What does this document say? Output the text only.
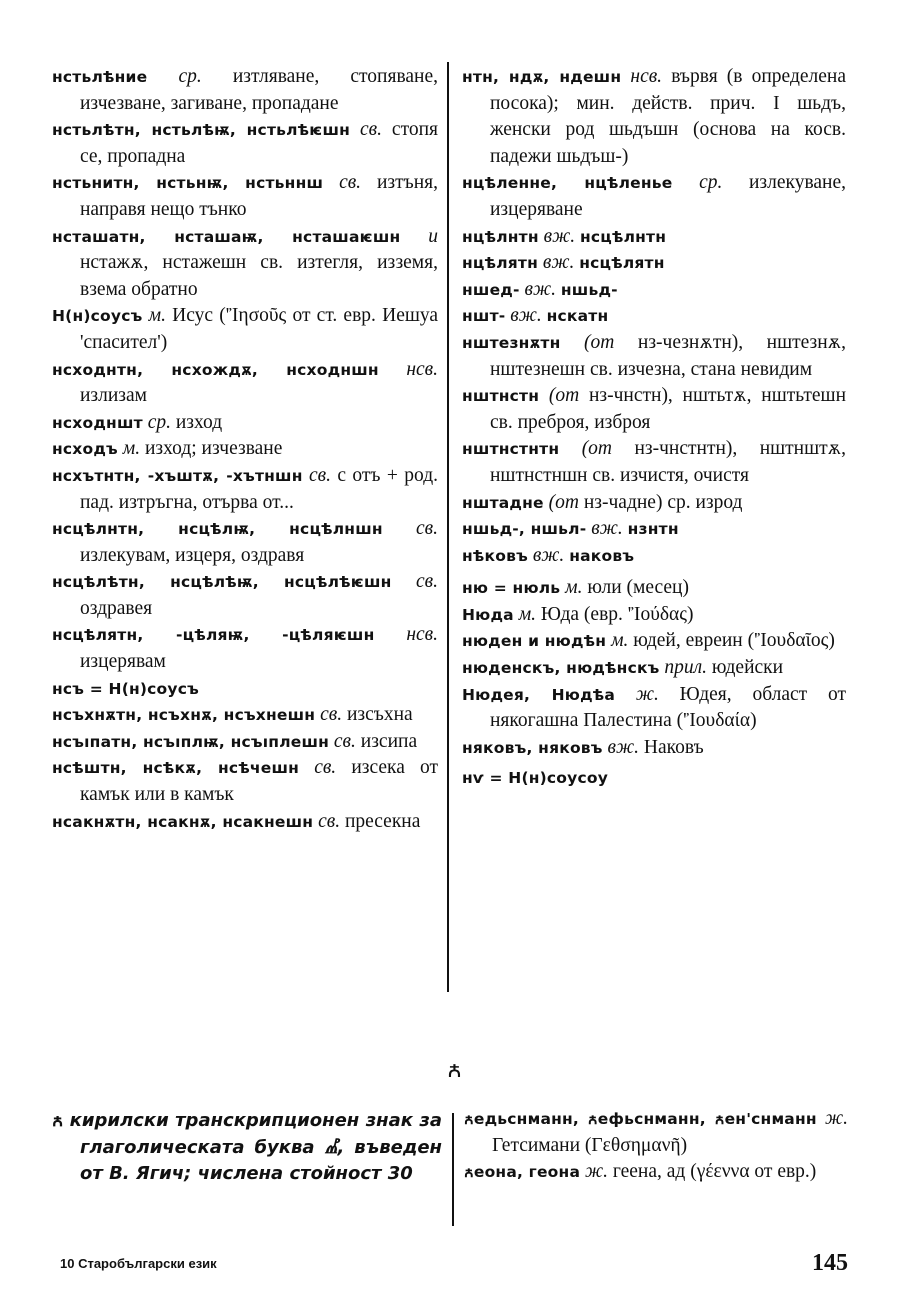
нстьлѣние ср. изтляване, стопяване, изчезване, загиване, пропадане

нстьлѣтн, нстьлѣѭ, нстьлѣѥшн св. стопя се, пропадна

нстьнитн, нстьнѭ, нстьннш св. изтъня, направя нещо тънко

нсташатн, нсташаѭ, нсташаѥшн и нстажѫ, нстажешн св. изтегля, изземя, взема обратно

Н(н)соусъ м. Исус ('Ἰησοῦς от ст. евр. Иешуа 'спасител')

нсходнтн, нсхождѫ, нсходншн нсв. излизам

нсходншт ср. изход

нсходъ м. изход; изчезване

нсхътнтн, -хъштѫ, -хътншн св. с отъ + род. пад. изтръгна, отърва от...

нсцѣлнтн, нсцѣлѭ, нсцѣлншн св. излекувам, изцеря, оздравя

нсцѣлѣтн, нсцѣлѣѭ, нсцѣлѣѥшн св. оздравея

нсцѣлятн, -цѣляѭ, -цѣляѥшн нсв. изцерявам

нсъ = Н(н)соусъ

нсъхнѫтн, нсъхнѫ, нсъхнешн св. изсъхна

нсъıпатн, нсъıплѭ, нсъıплешн св. изсипа

нсѣштн, нсѣкѫ, нсѣчешн св. изсека от камък или в камък

нсакнѫтн, нсакнѫ, нсакнешн св. пресекна

нтн, ндѫ, ндешн нсв. вървя (в определена посока); мин. действ. прич. I шьдъ, женски род шьдъшн (основа на косв. падежи шьдъш-)

нцѣленне, нцѣленье ср. излекуване, изцеряване

нцѣлнтн вж. нсцѣлнтн

нцѣлятн вж. нсцѣлятн

ншед- вж. ншьд-

ншт- вж. нскатн

нштезнѫтн (от нз-чезнѫтн), нштезнѫ, нштезнешн св. изчезна, стана невидим

нштнстн (от нз-чнстн), нштьтѫ, нштьтешн св. преброя, изброя

нштнстнтн (от нз-чнстнтн), нштнштѫ, нштнстншн св. изчистя, очистя

нштадне (от нз-чадне) ср. изрод

ншьд-, ншьл- вж. нзнтн

нѣковъ вж. наковъ

ню = нюль м. юли (месец)

Нюда м. Юда (евр. 'Ἰούδας)

нюден и нюдѣн м. юдей, евреин ('Ἰουδαῖος)

нюденскъ, нюдѣнскъ прил. юдейски

Нюдея, Нюдѣа ж. Юдея, област от някогашна Палестина ('Ἰουδαία)

няковъ, няковъ вж. Наковъ

нѵ = Н(н)соусоу

ꙉ

ꙉ кирилски транскрипционен знак за глаголическата буква Ⰼ, въведен от В. Ягич; числена стойност 30

ꙉедьснманн, ꙉефьснманн, ꙉен'снманн ж. Гетсимани (Γεθσημανῆ)

ꙉеона, геона ж. геена, ад (γέεννα от евр.)

10 Старобългарски език	145
